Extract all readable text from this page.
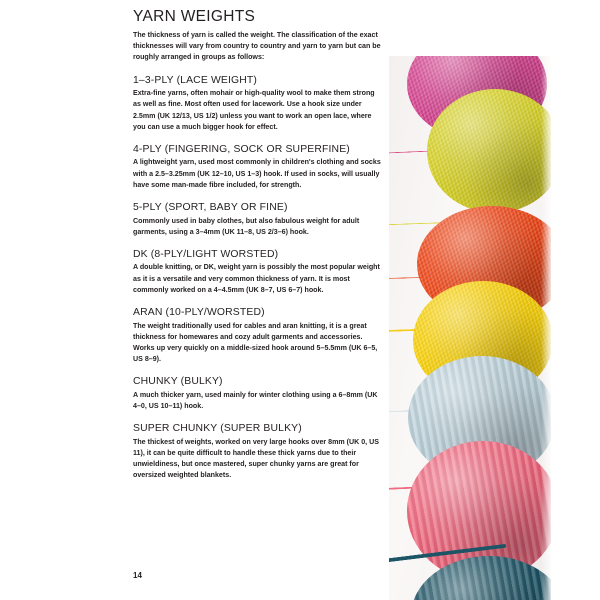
YARN WEIGHTS

The thickness of yarn is called the weight. The classification of the exact thicknesses will vary from country to country and yarn to yarn but can be roughly arranged in groups as follows:

1–3-PLY (LACE WEIGHT)

Extra-fine yarns, often mohair or high-quality wool to make them strong as well as fine. Most often used for lacework. Use a hook size under 2.5mm (UK 12/13, US 1/2) unless you want to work an open lace, where you can use a much bigger hook for effect.

4-PLY (FINGERING, SOCK OR SUPERFINE)

A lightweight yarn, used most commonly in children's clothing and socks with a 2.5–3.25mm (UK 12–10, US 1–3) hook. If used in socks, will usually have some man-made fibre included, for strength.

5-PLY (SPORT, BABY OR FINE)

Commonly used in baby clothes, but also fabulous weight for adult garments, using a 3–4mm (UK 11–8, US 2/3–6) hook.

DK (8-PLY/LIGHT WORSTED)

A double knitting, or DK, weight yarn is possibly the most popular weight as it is a versatile and very common thickness of yarn. It is most commonly worked on a 4–4.5mm (UK 8–7, US 6–7) hook.

ARAN (10-PLY/WORSTED)

The weight traditionally used for cables and aran knitting, it is a great thickness for homewares and cozy adult garments and accessories. Works up very quickly on a middle-sized hook around 5–5.5mm (UK 6–5, US 8–9).

CHUNKY (BULKY)

A much thicker yarn, used mainly for winter clothing using a 6–8mm (UK 4–0, US 10–11) hook.

SUPER CHUNKY (SUPER BULKY)

The thickest of weights, worked on very large hooks over 8mm (UK 0, US 11), it can be quite difficult to handle these thick yarns due to their unwieldiness, but once mastered, super chunky yarns are great for oversized weighted blankets.

14
